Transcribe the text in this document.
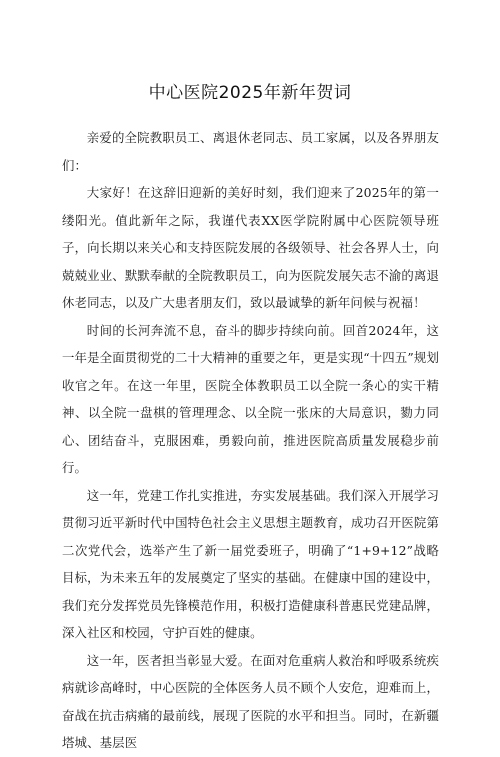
中心医院2025年新年贺词

亲爱的全院教职员工、离退休老同志、员工家属，以及各界朋友们：

大家好！在这辞旧迎新的美好时刻，我们迎来了2025年的第一缕阳光。值此新年之际，我谨代表XX医学院附属中心医院领导班子，向长期以来关心和支持医院发展的各级领导、社会各界人士，向兢兢业业、默默奉献的全院教职员工，向为医院发展矢志不渝的离退休老同志，以及广大患者朋友们，致以最诚挚的新年问候与祝福！

时间的长河奔流不息，奋斗的脚步持续向前。回首2024年，这一年是全面贯彻党的二十大精神的重要之年，更是实现“十四五”规划收官之年。在这一年里，医院全体教职员工以全院一条心的实干精神、以全院一盘棋的管理理念、以全院一张床的大局意识，勠力同心、团结奋斗，克服困难，勇毅向前，推进医院高质量发展稳步前行。

这一年，党建工作扎实推进，夯实发展基础。我们深入开展学习贯彻习近平新时代中国特色社会主义思想主题教育，成功召开医院第二次党代会，选举产生了新一届党委班子，明确了“1+9+12”战略目标，为未来五年的发展奠定了坚实的基础。在健康中国的建设中，我们充分发挥党员先锋模范作用，积极打造健康科普惠民党建品牌，深入社区和校园，守护百姓的健康。

这一年，医者担当彰显大爱。在面对危重病人救治和呼吸系统疾病就诊高峰时，中心医院的全体医务人员不顾个人安危，迎难而上，奋战在抗击病痛的最前线，展现了医院的水平和担当。同时，在新疆塔城、基层医
